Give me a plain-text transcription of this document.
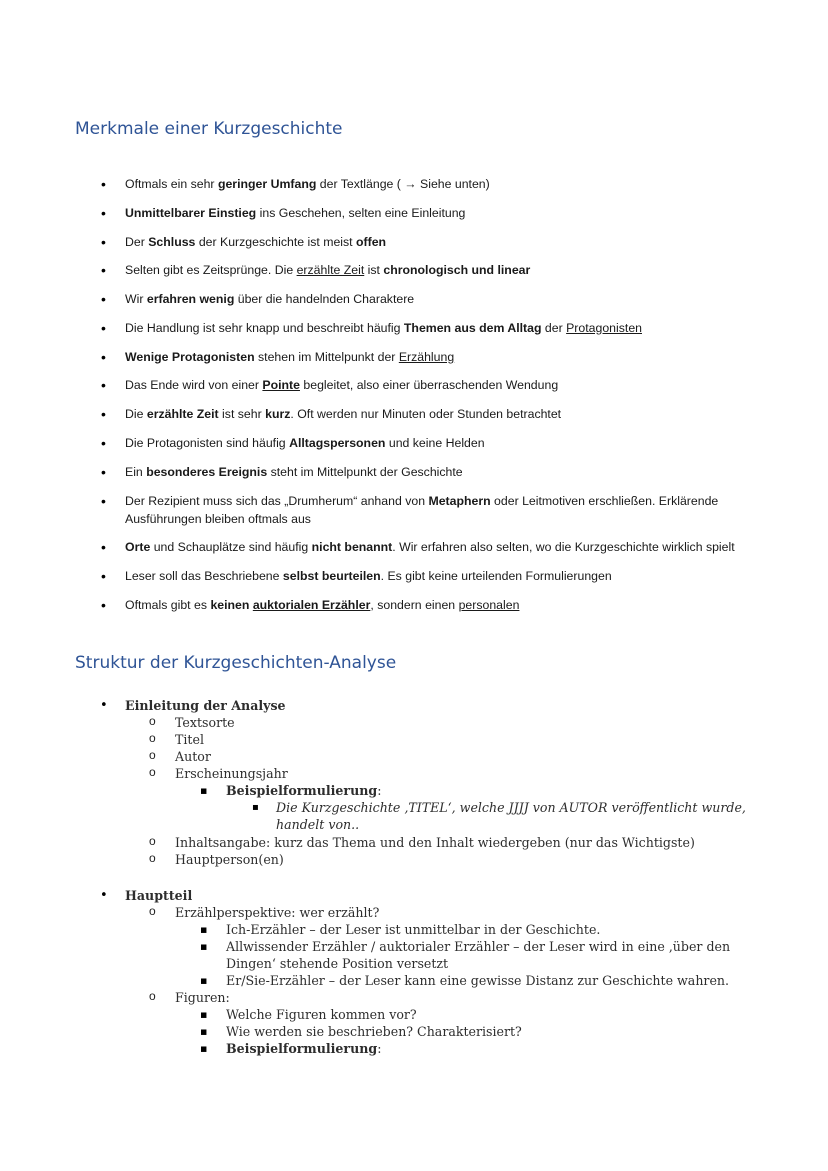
Merkmale einer Kurzgeschichte
• Oftmals ein sehr geringer Umfang der Textlänge ( → Siehe unten)
• Unmittelbarer Einstieg ins Geschehen, selten eine Einleitung
• Der Schluss der Kurzgeschichte ist meist offen
• Selten gibt es Zeitsprünge. Die erzählte Zeit ist chronologisch und linear
• Wir erfahren wenig über die handelnden Charaktere
• Die Handlung ist sehr knapp und beschreibt häufig Themen aus dem Alltag der Protagonisten
• Wenige Protagonisten stehen im Mittelpunkt der Erzählung
• Das Ende wird von einer Pointe begleitet, also einer überraschenden Wendung
• Die erzählte Zeit ist sehr kurz. Oft werden nur Minuten oder Stunden betrachtet
• Die Protagonisten sind häufig Alltagspersonen und keine Helden
• Ein besonderes Ereignis steht im Mittelpunkt der Geschichte
• Der Rezipient muss sich das „Drumherum“ anhand von Metaphern oder Leitmotiven erschließen. Erklärende Ausführungen bleiben oftmals aus
• Orte und Schauplätze sind häufig nicht benannt. Wir erfahren also selten, wo die Kurzgeschichte wirklich spielt
• Leser soll das Beschriebene selbst beurteilen. Es gibt keine urteilenden Formulierungen
• Oftmals gibt es keinen auktorialen Erzähler, sondern einen personalen
Struktur der Kurzgeschichten-Analyse
• Einleitung der Analyse
o Textsorte
o Titel
o Autor
o Erscheinungsjahr
▪ Beispielformulierung:
▪ Die Kurzgeschichte ‚TITEL‘, welche JJJJ von AUTOR veröffentlicht wurde,
handelt von..
o Inhaltsangabe: kurz das Thema und den Inhalt wiedergeben (nur das Wichtigste)
o Hauptperson(en)
• Hauptteil
o Erzählperspektive: wer erzählt?
▪ Ich-Erzähler – der Leser ist unmittelbar in der Geschichte.
▪ Allwissender Erzähler / auktorialer Erzähler – der Leser wird in eine ‚über den
Dingen‘ stehende Position versetzt
▪ Er/Sie-Erzähler – der Leser kann eine gewisse Distanz zur Geschichte wahren.
o Figuren:
▪ Welche Figuren kommen vor?
▪ Wie werden sie beschrieben? Charakterisiert?
▪ Beispielformulierung:
